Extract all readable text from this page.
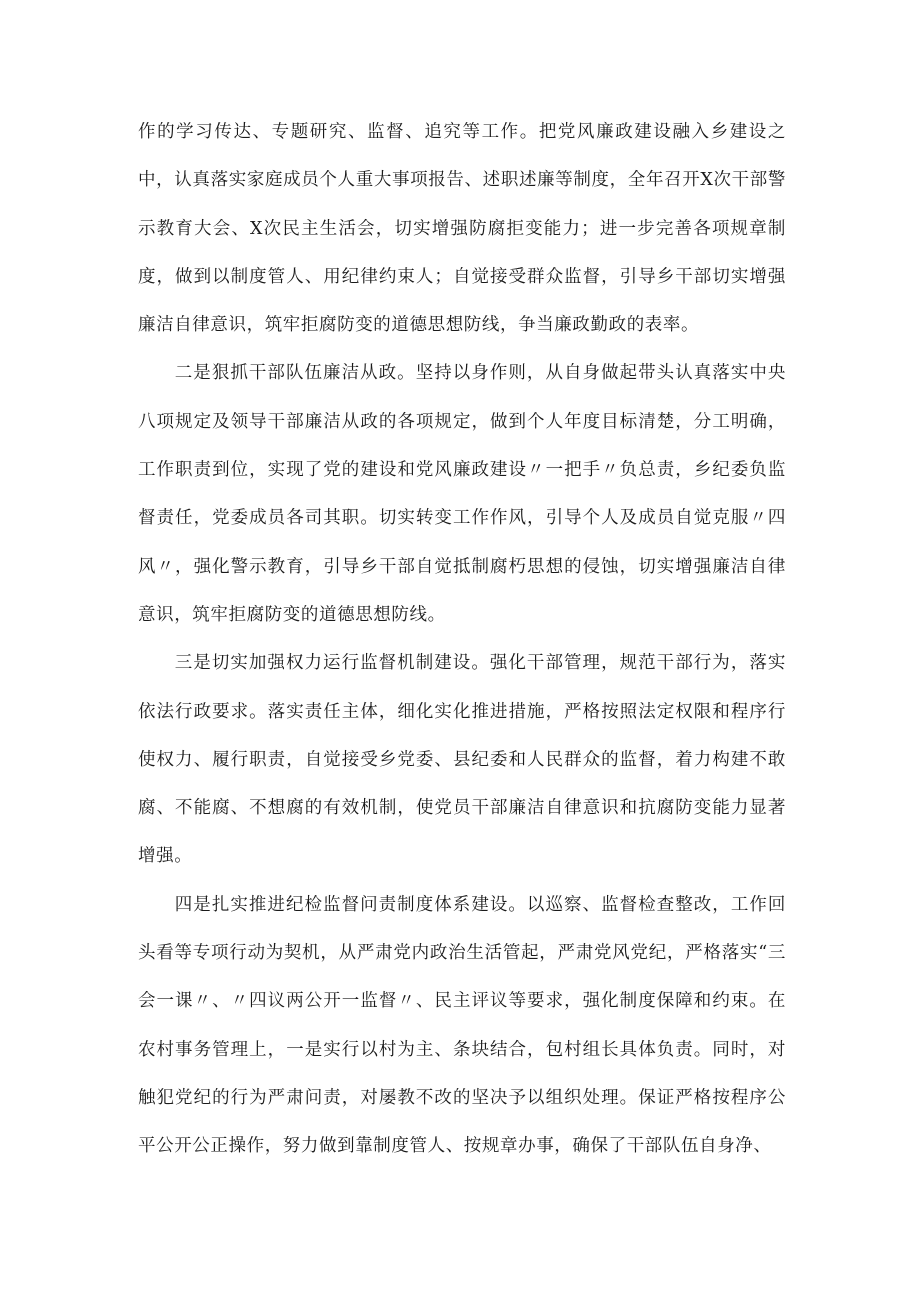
作的学习传达、专题研究、监督、追究等工作。把党风廉政建设融入乡建设之中，认真落实家庭成员个人重大事项报告、述职述廉等制度，全年召开X次干部警示教育大会、X次民主生活会，切实增强防腐拒变能力；进一步完善各项规章制度，做到以制度管人、用纪律约束人；自觉接受群众监督，引导乡干部切实增强廉洁自律意识，筑牢拒腐防变的道德思想防线，争当廉政勤政的表率。

二是狠抓干部队伍廉洁从政。坚持以身作则，从自身做起带头认真落实中央八项规定及领导干部廉洁从政的各项规定，做到个人年度目标清楚，分工明确，工作职责到位，实现了党的建设和党风廉政建设〃一把手〃负总责，乡纪委负监督责任，党委成员各司其职。切实转变工作作风，引导个人及成员自觉克服〃四风〃，强化警示教育，引导乡干部自觉抵制腐朽思想的侵蚀，切实增强廉洁自律意识，筑牢拒腐防变的道德思想防线。

三是切实加强权力运行监督机制建设。强化干部管理，规范干部行为，落实依法行政要求。落实责任主体，细化实化推进措施，严格按照法定权限和程序行使权力、履行职责，自觉接受乡党委、县纪委和人民群众的监督，着力构建不敢腐、不能腐、不想腐的有效机制，使党员干部廉洁自律意识和抗腐防变能力显著增强。

四是扎实推进纪检监督问责制度体系建设。以巡察、监督检查整改，工作回头看等专项行动为契机，从严肃党内政治生活管起，严肃党风党纪，严格落实“三会一课〃、〃四议两公开一监督〃、民主评议等要求，强化制度保障和约束。在农村事务管理上，一是实行以村为主、条块结合，包村组长具体负责。同时，对触犯党纪的行为严肃问责，对屡教不改的坚决予以组织处理。保证严格按程序公平公开公正操作，努力做到靠制度管人、按规章办事，确保了干部队伍自身净、
